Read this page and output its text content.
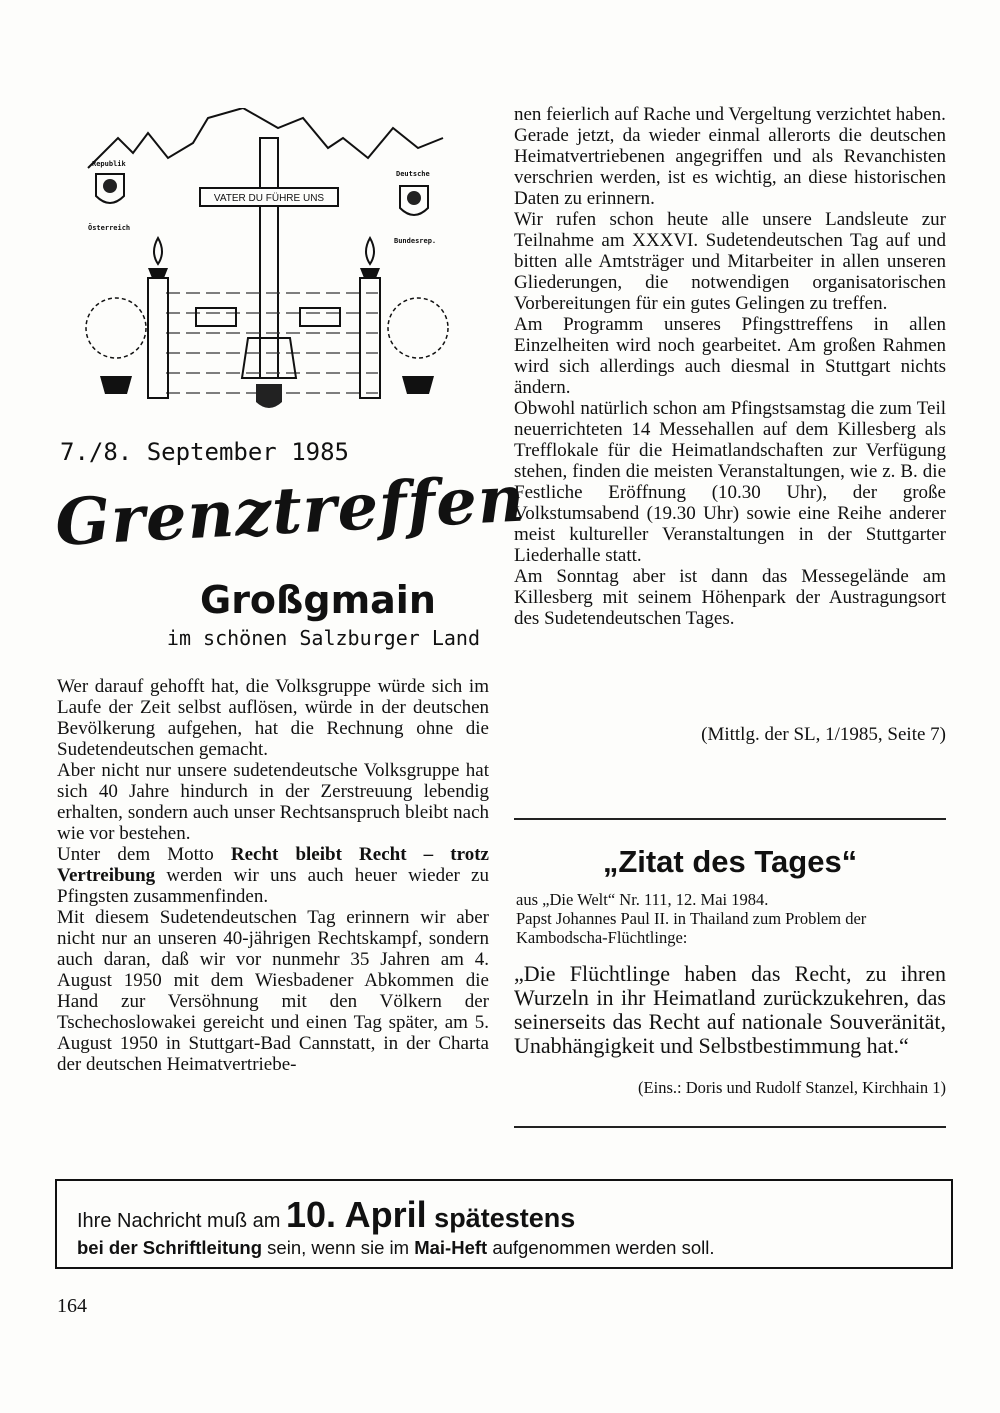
Republik
Österreich
Deutsche
Bundesrep.
VATER DU FÜHRE UNS
7./8. September 1985
Grenztreffen
Großgmain
im schönen Salzburger Land

Wer darauf gehofft hat, die Volksgruppe würde sich im Laufe der Zeit selbst auflösen, würde in der deutschen Bevölkerung aufgehen, hat die Rechnung ohne die Sudetendeutschen gemacht.

Aber nicht nur unsere sudetendeutsche Volksgruppe hat sich 40 Jahre hindurch in der Zerstreuung lebendig erhalten, sondern auch unser Rechtsanspruch bleibt nach wie vor bestehen.

Unter dem Motto Recht bleibt Recht – trotz Vertreibung werden wir uns auch heuer wieder zu Pfingsten zusammenfinden.

Mit diesem Sudetendeutschen Tag erinnern wir aber nicht nur an unseren 40-jährigen Rechtskampf, sondern auch daran, daß wir vor nunmehr 35 Jahren am 4. August 1950 mit dem Wiesbadener Abkommen die Hand zur Versöhnung mit den Völkern der Tschechoslowakei gereicht und einen Tag später, am 5. August 1950 in Stuttgart-Bad Cannstatt, in der Charta der deutschen Heimatvertriebe-

nen feierlich auf Rache und Vergeltung verzichtet haben.

Gerade jetzt, da wieder einmal allerorts die deutschen Heimatvertriebenen angegriffen und als Revanchisten verschrien werden, ist es wichtig, an diese historischen Daten zu erinnern.

Wir rufen schon heute alle unsere Landsleute zur Teilnahme am XXXVI. Sudetendeutschen Tag auf und bitten alle Amtsträger und Mitarbeiter in allen unseren Gliederungen, die notwendigen organisatorischen Vorbereitungen für ein gutes Gelingen zu treffen.

Am Programm unseres Pfingsttreffens in allen Einzelheiten wird noch gearbeitet. Am großen Rahmen wird sich allerdings auch diesmal in Stuttgart nichts ändern.

Obwohl natürlich schon am Pfingstsamstag die zum Teil neuerrichteten 14 Messehallen auf dem Killesberg als Trefflokale für die Heimatlandschaften zur Verfügung stehen, finden die meisten Veranstaltungen, wie z. B. die Festliche Eröffnung (10.30 Uhr), der große Volkstumsabend (19.30 Uhr) sowie eine Reihe anderer meist kultureller Veranstaltungen in der Stuttgarter Liederhalle statt.

Am Sonntag aber ist dann das Messegelände am Killesberg mit seinem Höhenpark der Austragungsort des Sudetendeutschen Tages.

(Mittlg. der SL, 1/1985, Seite 7)
„Zitat des Tages“

aus „Die Welt“ Nr. 111, 12. Mai 1984.

Papst Johannes Paul II. in Thailand zum Problem der Kambodscha-Flüchtlinge:

„Die Flüchtlinge haben das Recht, zu ihren Wurzeln in ihr Heimatland zurückzukehren, das seinerseits das Recht auf nationale Souveränität, Unabhängigkeit und Selbstbestimmung hat.“
(Eins.: Doris und Rudolf Stanzel, Kirchhain 1)
Ihre Nachricht muß am 10. April spätestens
bei der Schriftleitung sein, wenn sie im Mai-Heft aufgenommen werden soll.
164
